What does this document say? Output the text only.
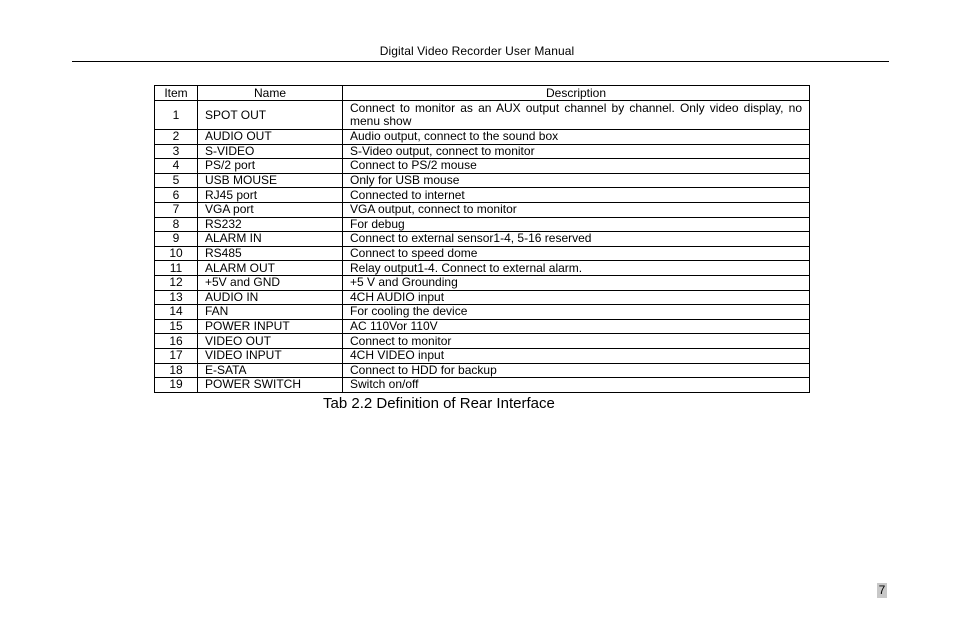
Digital Video Recorder User Manual
Item	Name	Description
1	SPOT OUT	Connect to monitor as an AUX output channel by channel. Only video display, no menu show
2	AUDIO OUT	Audio output, connect to the sound box
3	S-VIDEO	S-Video output, connect to monitor
4	PS/2 port	Connect to PS/2 mouse
5	USB MOUSE	Only for USB mouse
6	RJ45 port	Connected to internet
7	VGA port	VGA output, connect to monitor
8	RS232	For debug
9	ALARM IN	Connect to external sensor1-4, 5-16 reserved
10	RS485	Connect to speed dome
11	ALARM OUT	Relay output1-4. Connect to external alarm.
12	+5V and GND	+5 V and Grounding
13	AUDIO IN	4CH AUDIO input
14	FAN	For cooling the device
15	POWER INPUT	AC 110Vor 110V
16	VIDEO OUT	Connect to monitor
17	VIDEO INPUT	4CH VIDEO input
18	E-SATA	Connect to HDD for backup
19	POWER SWITCH	Switch on/off
Tab 2.2 Definition of Rear Interface
7
